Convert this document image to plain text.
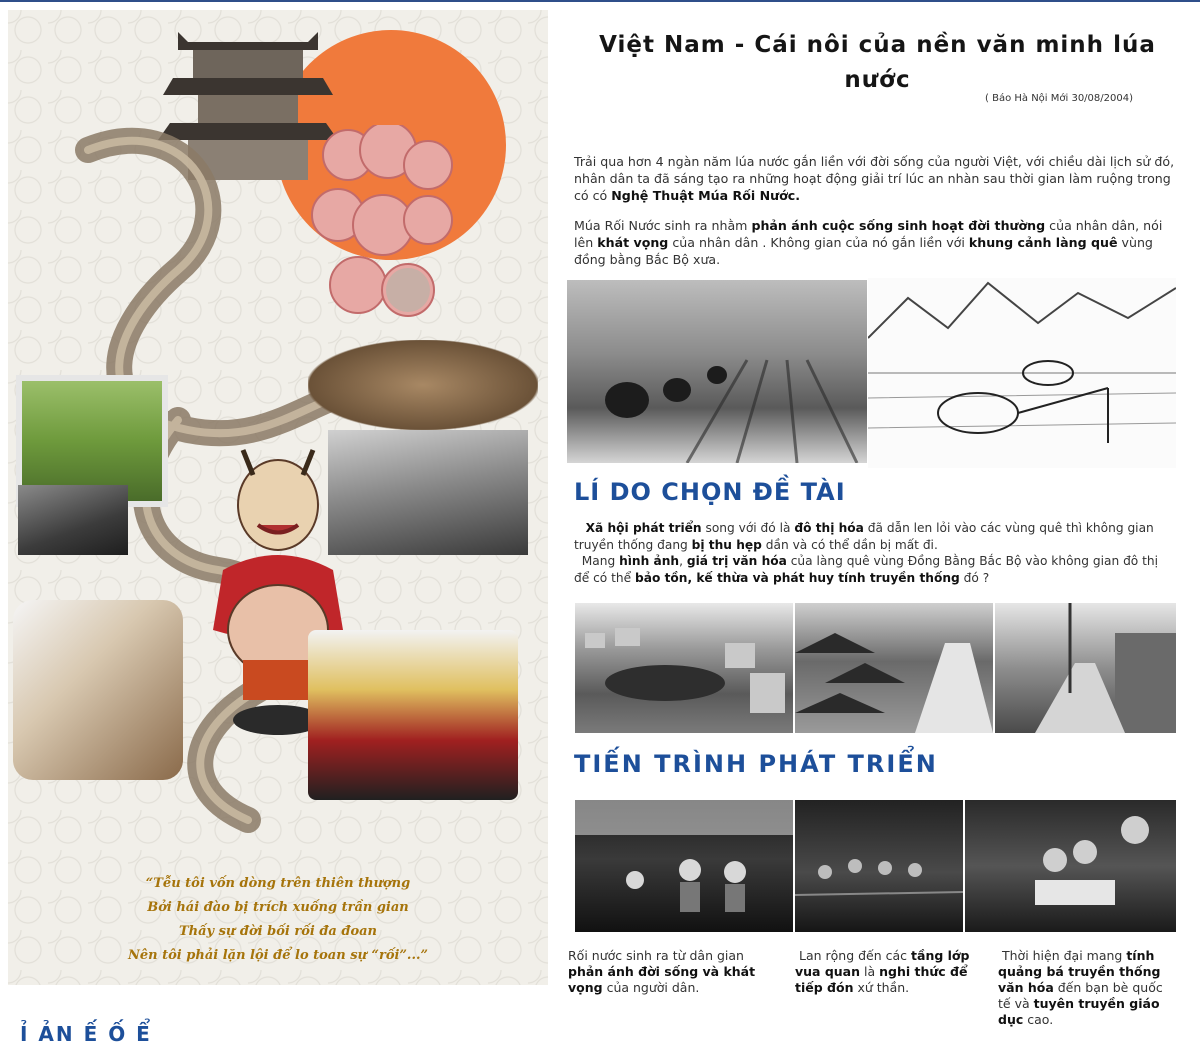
“Tễu tôi vốn dòng trên thiên thượng

Bởi hái đào bị trích xuống trần gian

Thấy sự đời bối rối đa đoan

Nên tôi phải lặn lội để lo toan sự “rối”...”

Ỉ ẢN Ế Ố Ể
Việt Nam - Cái nôi của nền văn minh lúa nước
( Báo Hà Nội Mới 30/08/2004)

Trải qua hơn 4 ngàn năm lúa nước gắn liền với đời sống của người Việt, với chiều dài lịch sử đó, nhân dân ta đã sáng tạo ra những hoạt động giải trí lúc an nhàn sau thời gian làm ruộng trong có có Nghệ Thuật Múa Rối Nước.

Múa Rối Nước sinh ra nhằm phản ánh cuộc sống sinh hoạt đời thường của nhân dân, nói lên khát vọng của nhân dân . Không gian của nó gắn liền với khung cảnh làng quê vùng đồng bằng Bắc Bộ xưa.

LÍ DO CHỌN ĐỀ TÀI

Xã hội phát triển song với đó là đô thị hóa đã dẫn len lỏi vào các vùng quê thì không gian truyền thống đang bị thu hẹp dần và có thể dần bị mất đi.

Mang hình ảnh, giá trị văn hóa của làng quê vùng Đồng Bằng Bắc Bộ vào không gian đô thị để có thể bảo tồn, kế thừa và phát huy tính truyền thống đó ?

TIẾN TRÌNH PHÁT TRIỂN

Rối nước sinh ra từ dân gian phản ánh đời sống và khát vọng của người dân.

Lan rộng đến các tầng lớp vua quan là nghi thức để tiếp đón xứ thần.

Thời hiện đại mang tính quảng bá truyền thống văn hóa đến bạn bè quốc tế và tuyên truyền giáo dục cao.
